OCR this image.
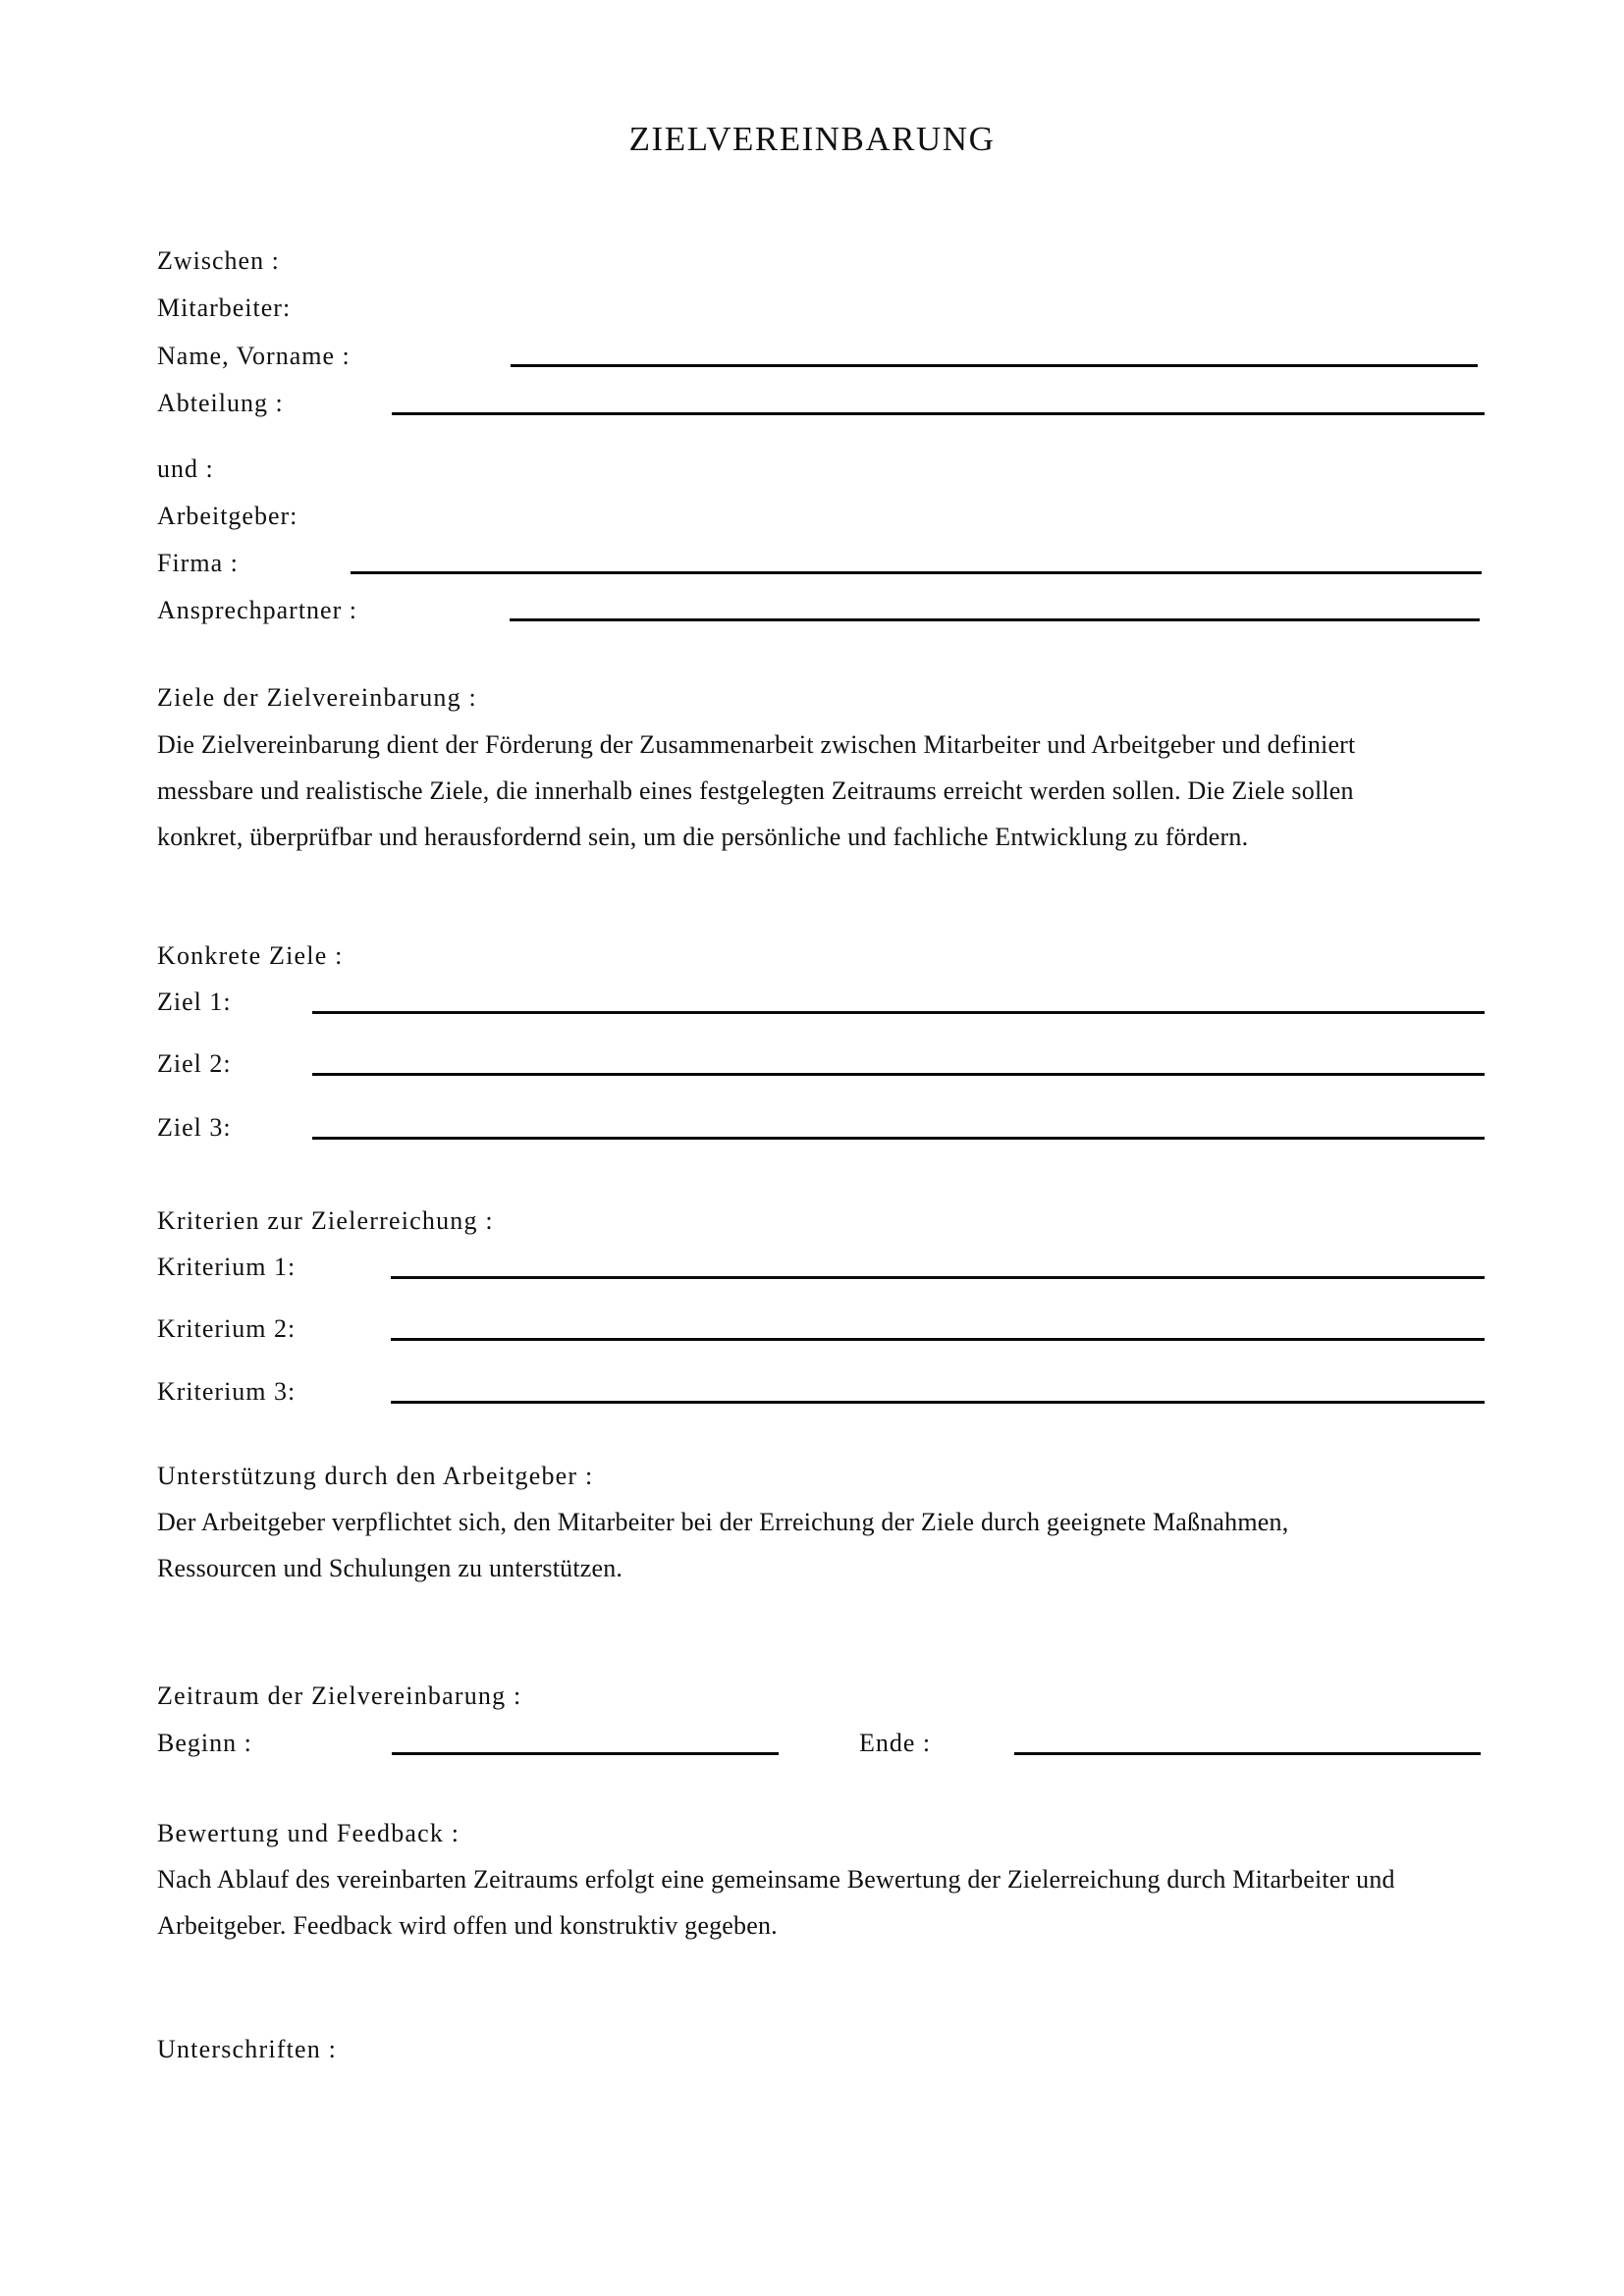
ZIELVEREINBARUNG
Zwischen :
Mitarbeiter:
Name, Vorname :
Abteilung :
und :
Arbeitgeber:
Firma :
Ansprechpartner :
Ziele der Zielvereinbarung :
Die Zielvereinbarung dient der Förderung der Zusammenarbeit zwischen Mitarbeiter und Arbeitgeber und definiert
messbare und realistische Ziele, die innerhalb eines festgelegten Zeitraums erreicht werden sollen. Die Ziele sollen
konkret, überprüfbar und herausfordernd sein, um die persönliche und fachliche Entwicklung zu fördern.
Konkrete Ziele :
Ziel 1:
Ziel 2:
Ziel 3:
Kriterien zur Zielerreichung :
Kriterium 1:
Kriterium 2:
Kriterium 3:
Unterstützung durch den Arbeitgeber :
Der Arbeitgeber verpflichtet sich, den Mitarbeiter bei der Erreichung der Ziele durch geeignete Maßnahmen,
Ressourcen und Schulungen zu unterstützen.
Zeitraum der Zielvereinbarung :
Beginn :	Ende :
Bewertung und Feedback :
Nach Ablauf des vereinbarten Zeitraums erfolgt eine gemeinsame Bewertung der Zielerreichung durch Mitarbeiter und
Arbeitgeber. Feedback wird offen und konstruktiv gegeben.
Unterschriften :
